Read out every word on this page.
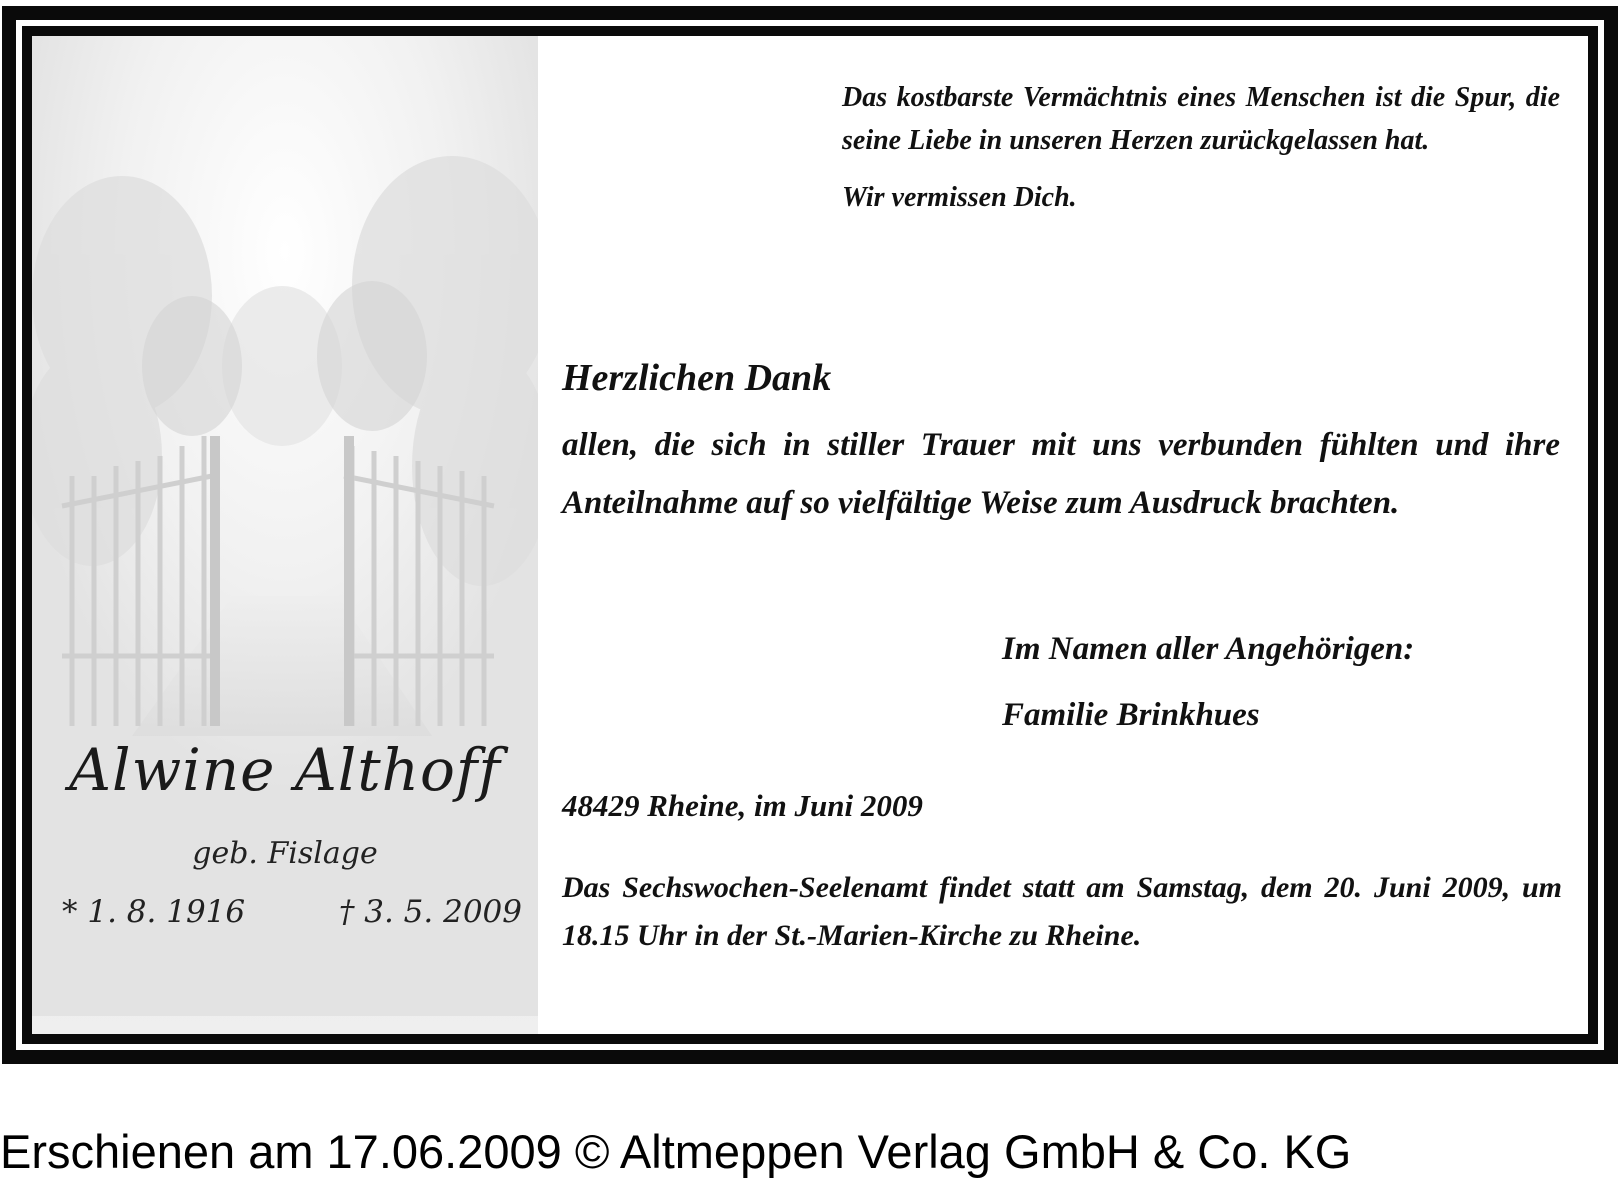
Alwine Althoff
geb. Fislage
* 1. 8. 1916	† 3. 5. 2009

Das kostbarste Vermächtnis eines Menschen ist die Spur, die seine Liebe in unseren Herzen zurückgelassen hat.

Wir vermissen Dich.

Herzlichen Dank
allen, die sich in stiller Trauer mit uns verbunden fühlten und ihre Anteilnahme auf so vielfältige Weise zum Ausdruck brachten.
Im Namen aller Angehörigen:
Familie Brinkhues
48429 Rheine, im Juni 2009
Das Sechswochen-Seelenamt findet statt am Samstag, dem 20. Juni 2009, um 18.15 Uhr in der St.-Marien-Kirche zu Rheine.
Erschienen am 17.06.2009 © Altmeppen Verlag GmbH & Co. KG
